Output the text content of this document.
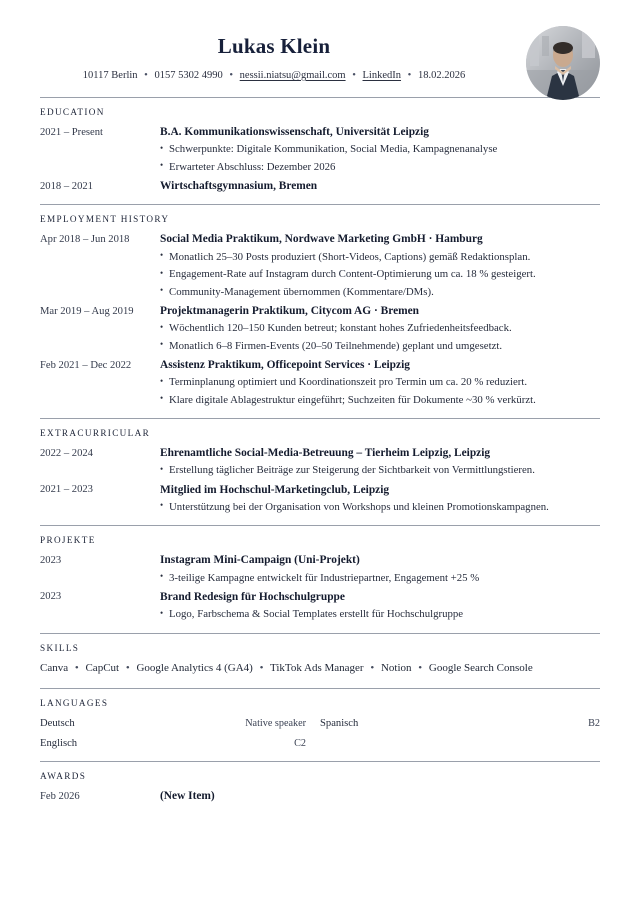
Lukas Klein
10117 Berlin • 0157 5302 4990 • nessii.niatsu@gmail.com • LinkedIn • 18.02.2026
EDUCATION
2021 – Present	B.A. Kommunikationswissenschaft, Universität Leipzig
• Schwerpunkte: Digitale Kommunikation, Social Media, Kampagnenanalyse
• Erwarteter Abschluss: Dezember 2026
2018 – 2021	Wirtschaftsgymnasium, Bremen
EMPLOYMENT HISTORY
Apr 2018 – Jun 2018	Social Media Praktikum, Nordwave Marketing GmbH · Hamburg
• Monatlich 25–30 Posts produziert (Short-Videos, Captions) gemäß Redaktionsplan.
• Engagement-Rate auf Instagram durch Content-Optimierung um ca. 18 % gesteigert.
• Community-Management übernommen (Kommentare/DMs).
Mar 2019 – Aug 2019	Projektmanagerin Praktikum, Citycom AG · Bremen
• Wöchentlich 120–150 Kunden betreut; konstant hohes Zufriedenheitsfeedback.
• Monatlich 6–8 Firmen-Events (20–50 Teilnehmende) geplant und umgesetzt.
Feb 2021 – Dec 2022	Assistenz Praktikum, Officepoint Services · Leipzig
• Terminplanung optimiert und Koordinationszeit pro Termin um ca. 20 % reduziert.
• Klare digitale Ablagestruktur eingeführt; Suchzeiten für Dokumente ~30 % verkürzt.
EXTRACURRICULAR
2022 – 2024	Ehrenamtliche Social-Media-Betreuung – Tierheim Leipzig, Leipzig
• Erstellung täglicher Beiträge zur Steigerung der Sichtbarkeit von Vermittlungstieren.
2021 – 2023	Mitglied im Hochschul-Marketingclub, Leipzig
• Unterstützung bei der Organisation von Workshops und kleinen Promotionskampagnen.
PROJEKTE
2023	Instagram Mini-Campaign (Uni-Projekt)
• 3-teilige Kampagne entwickelt für Industriepartner, Engagement +25 %
2023	Brand Redesign für Hochschulgruppe
• Logo, Farbschema & Social Templates erstellt für Hochschulgruppe
SKILLS
Canva • CapCut • Google Analytics 4 (GA4) • TikTok Ads Manager • Notion • Google Search Console
LANGUAGES
Deutsch	Native speaker Spanisch	B2
Englisch	C2
AWARDS
Feb 2026	(New Item)
